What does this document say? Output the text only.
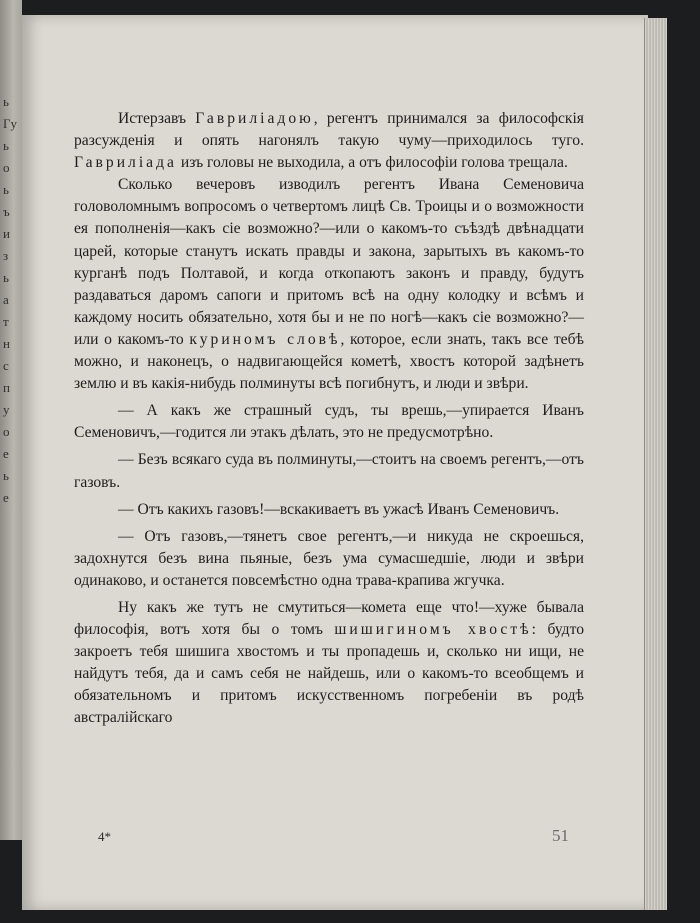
ь
Гу
ь
о
ь
ъ
и
з
ь
а
т
н
с
п
у
о
е
ь
е

Истерзавъ Гавриліадою, регентъ принимался за философскія разсужденія и опять нагонялъ такую чуму—приходилось туго. Гавриліада изъ головы не выходила, а отъ философіи голова трещала.

Сколько вечеровъ изводилъ регентъ Ивана Семеновича головоломнымъ вопросомъ о четвертомъ лицѣ Св. Троицы и о возможности ея пополненія—какъ сіе возможно?—или о какомъ-то съѣздѣ двѣнадцати царей, которые станутъ искать правды и закона, зарытыхъ въ какомъ-то курганѣ подъ Полтавой, и когда откопаютъ законъ и правду, будутъ раздаваться даромъ сапоги и притомъ всѣ на одну колодку и всѣмъ и каждому носить обязательно, хотя бы и не по ногѣ—какъ сіе возможно?—или о какомъ-то куриномъ словѣ, которое, если знать, такъ все тебѣ можно, и наконецъ, о надвигающейся кометѣ, хвостъ которой задѣнетъ землю и въ какія-нибудь полминуты всѣ погибнутъ, и люди и звѣри.

— А какъ же страшный судъ, ты врешь,—упирается Иванъ Семеновичъ,—годится ли этакъ дѣлать, это не предусмотрѣно.

— Безъ всякаго суда въ полминуты,—стоитъ на своемъ регентъ,—отъ газовъ.

— Отъ какихъ газовъ!—вскакиваетъ въ ужасѣ Иванъ Семеновичъ.

— Отъ газовъ,—тянетъ свое регентъ,—и никуда не скроешься, задохнутся безъ вина пьяные, безъ ума сумасшедшіе, люди и звѣри одинаково, и останется повсемѣстно одна трава-крапива жгучка.

Ну какъ же тутъ не смутиться—комета еще что!—хуже бывала философія, вотъ хотя бы о томъ шишигиномъ хвостѣ: будто закроетъ тебя шишига хвостомъ и ты пропадешь и, сколько ни ищи, не найдутъ тебя, да и самъ себя не найдешь, или о какомъ-то всеобщемъ и обязательномъ и притомъ искусственномъ погребеніи въ родѣ австралійскаго

4*	51
